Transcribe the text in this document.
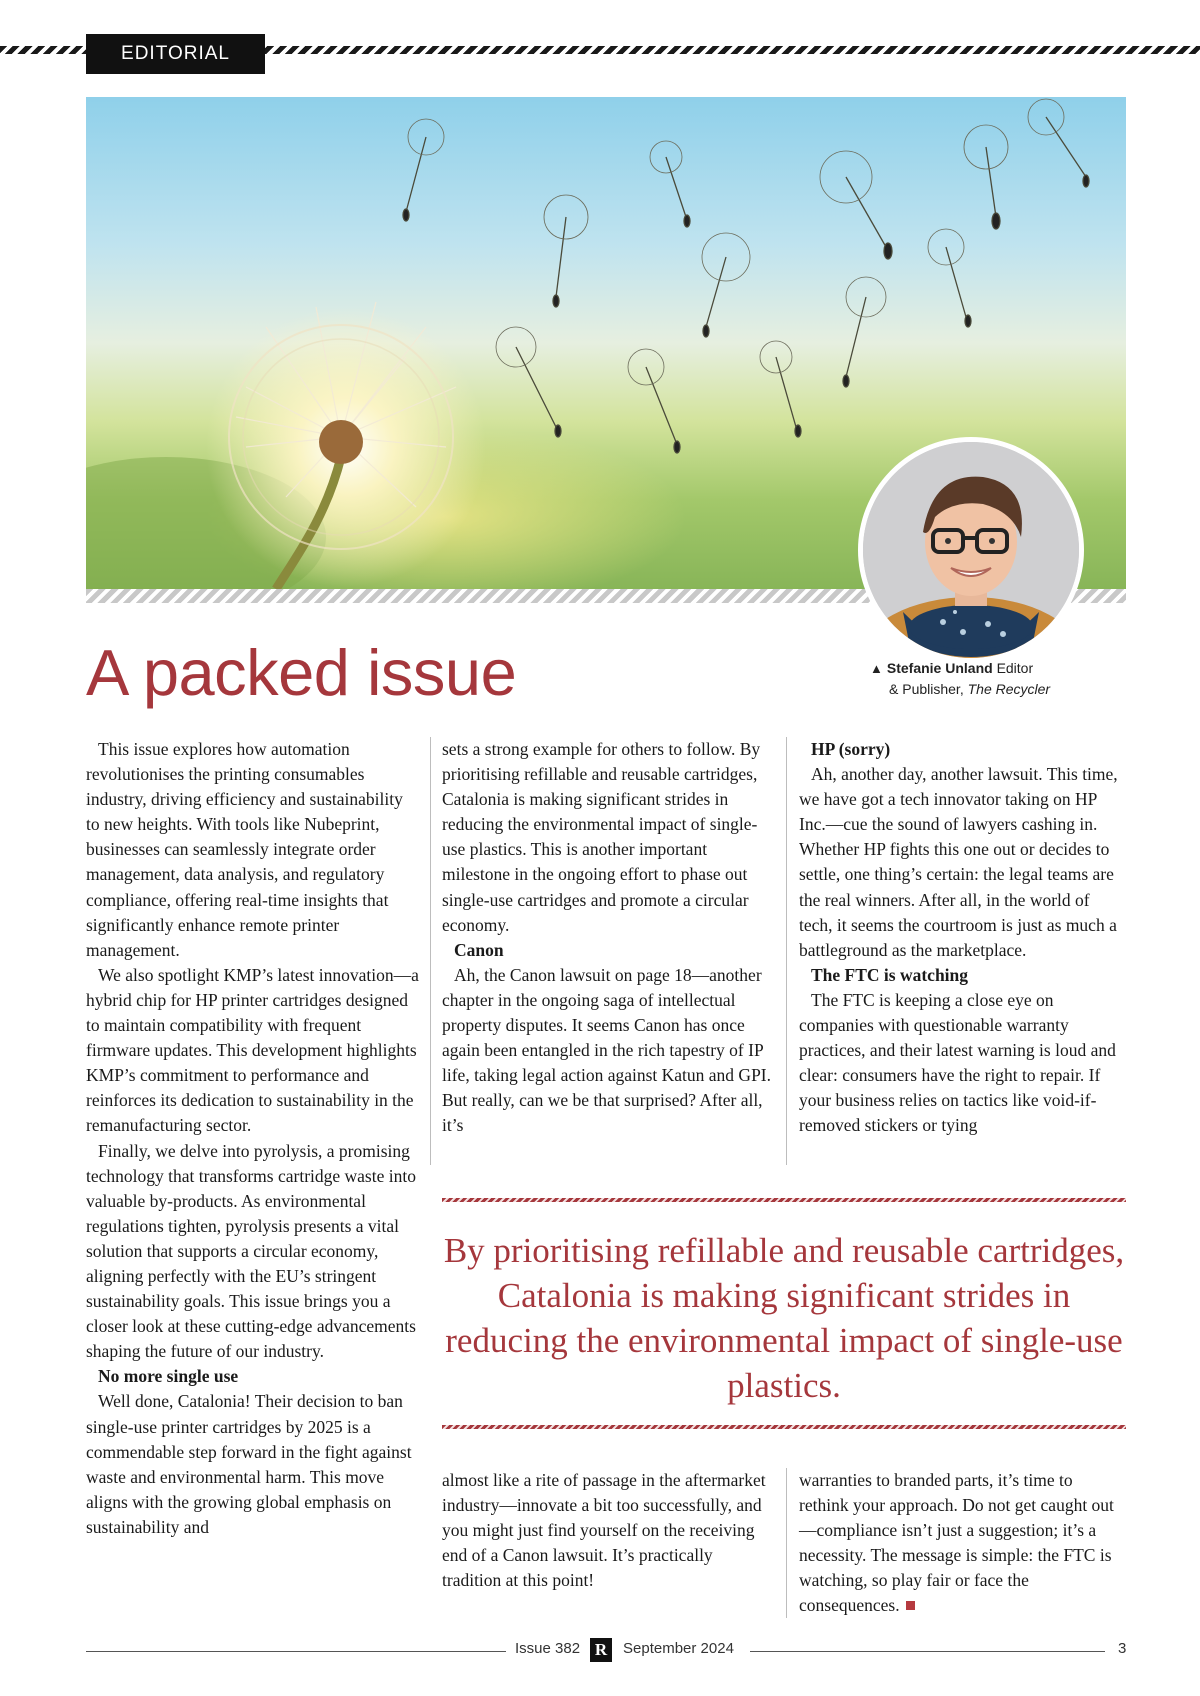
EDITORIAL
▲ Stefanie Unland Editor
& Publisher, The Recycler
A packed issue

This issue explores how automation revolutionises the printing consumables industry, driving efficiency and sustainability to new heights. With tools like Nubeprint, businesses can seamlessly integrate order management, data analysis, and regulatory compliance, offering real-time insights that significantly enhance remote printer management.

We also spotlight KMP’s latest innovation—a hybrid chip for HP printer cartridges designed to maintain compatibility with frequent firmware updates. This development highlights KMP’s commitment to performance and reinforces its dedication to sustainability in the remanufacturing sector.

Finally, we delve into pyrolysis, a promising technology that transforms cartridge waste into valuable by-products. As environmental regulations tighten, pyrolysis presents a vital solution that supports a circular economy, aligning perfectly with the EU’s stringent sustainability goals. This issue brings you a closer look at these cutting-edge advancements shaping the future of our industry.

No more single use

Well done, Catalonia! Their decision to ban single-use printer cartridges by 2025 is a commendable step forward in the fight against waste and environmental harm. This move aligns with the growing global emphasis on sustainability and

sets a strong example for others to follow. By prioritising refillable and reusable cartridges, Catalonia is making significant strides in reducing the environmental impact of single-use plastics. This is another important milestone in the ongoing effort to phase out single-use cartridges and promote a circular economy.

Canon

Ah, the Canon lawsuit on page 18—another chapter in the ongoing saga of intellectual property disputes. It seems Canon has once again been entangled in the rich tapestry of IP life, taking legal action against Katun and GPI. But really, can we be that surprised? After all, it’s

HP (sorry)

Ah, another day, another lawsuit. This time, we have got a tech innovator taking on HP Inc.—cue the sound of lawyers cashing in. Whether HP fights this one out or decides to settle, one thing’s certain: the legal teams are the real winners. After all, in the world of tech, it seems the courtroom is just as much a battleground as the marketplace.

The FTC is watching

The FTC is keeping a close eye on companies with questionable warranty practices, and their latest warning is loud and clear: consumers have the right to repair. If your business relies on tactics like void-if-removed stickers or tying

By prioritising refillable and reusable cartridges, Catalonia is making significant strides in reducing the environmental impact of single-use plastics.

almost like a rite of passage in the aftermarket industry—innovate a bit too successfully, and you might just find yourself on the receiving end of a Canon lawsuit. It’s practically tradition at this point!

warranties to branded parts, it’s time to rethink your approach. Do not get caught out—compliance isn’t just a suggestion; it’s a necessity. The message is simple: the FTC is watching, so play fair or face the consequences.

Issue 382 R	September 2024	3
